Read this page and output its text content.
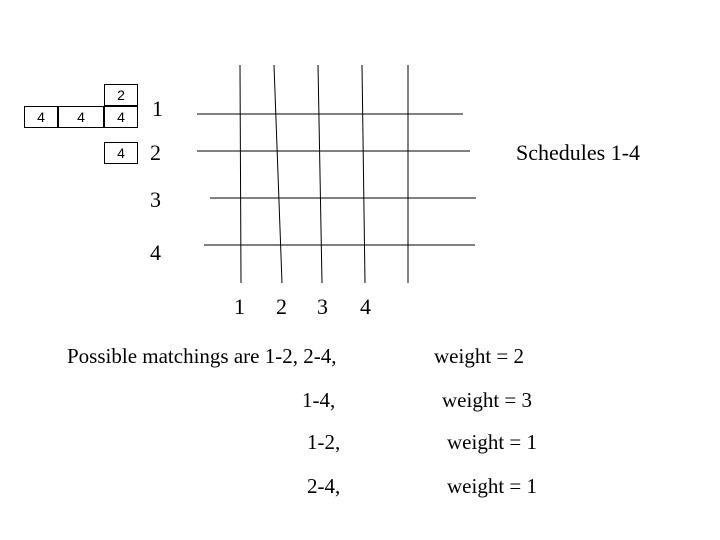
2
4	4	4
4
1
2
3
4
1 2 3 4
Schedules 1-4
Possible matchings are 1-2, 2-4,	weight = 2
1-4,	weight = 3
1-2,	weight = 1
2-4,	weight = 1
